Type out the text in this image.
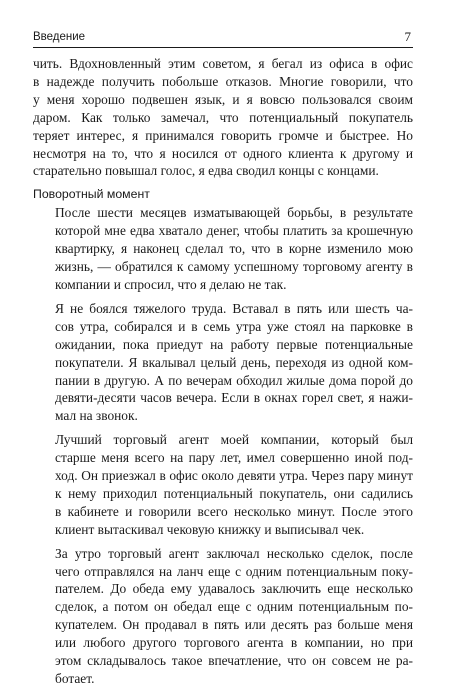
Введение	7

чить. Вдохновленный этим советом, я бегал из офиса в офис
в надежде получить побольше отказов. Многие говорили, что
у меня хорошо подвешен язык, и я вовсю пользовался своим
даром. Как только замечал, что потенциальный покупатель
теряет интерес, я принимался говорить громче и быстрее. Но
несмотря на то, что я носился от одного клиента к другому и
старательно повышал голос, я едва сводил концы с концами.

Поворотный момент

После шести месяцев изматывающей борьбы, в результате
которой мне едва хватало денег, чтобы платить за крошечную
квартирку, я наконец сделал то, что в корне изменило мою
жизнь, — обратился к самому успешному торговому агенту в
компании и спросил, что я делаю не так.

Я не боялся тяжелого труда. Вставал в пять или шесть ча-
сов утра, собирался и в семь утра уже стоял на парковке в
ожидании, пока приедут на работу первые потенциальные
покупатели. Я вкалывал целый день, переходя из одной ком-
пании в другую. А по вечерам обходил жилые дома порой до
девяти-десяти часов вечера. Если в окнах горел свет, я нажи-
мал на звонок.

Лучший торговый агент моей компании, который был
старше меня всего на пару лет, имел совершенно иной под-
ход. Он приезжал в офис около девяти утра. Через пару минут
к нему приходил потенциальный покупатель, они садились
в кабинете и говорили всего несколько минут. После этого
клиент вытаскивал чековую книжку и выписывал чек.

За утро торговый агент заключал несколько сделок, после
чего отправлялся на ланч еще с одним потенциальным поку-
пателем. До обеда ему удавалось заключить еще несколько
сделок, а потом он обедал еще с одним потенциальным по-
купателем. Он продавал в пять или десять раз больше меня
или любого другого торгового агента в компании, но при
этом складывалось такое впечатление, что он совсем не ра-
ботает.
